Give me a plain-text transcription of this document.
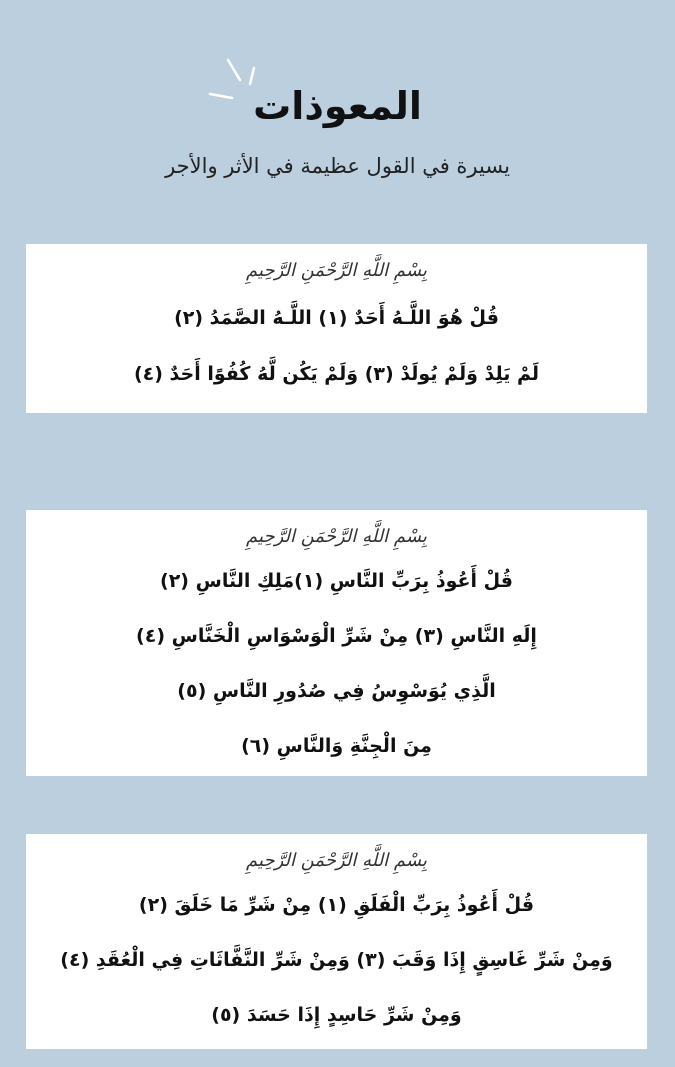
المعوذات
يسيرة في القول عظيمة في الأثر والأجر
بِسْمِ اللَّهِ الرَّحْمَنِ الرَّحِيمِ
قُلْ هُوَ اللَّـهُ أَحَدٌ (١) اللَّـهُ الصَّمَدُ (٢)
لَمْ يَلِدْ وَلَمْ يُولَدْ (٣) وَلَمْ يَكُن لَّهُ كُفُوًا أَحَدٌ (٤)
بِسْمِ اللَّهِ الرَّحْمَنِ الرَّحِيمِ
قُلْ أَعُوذُ بِرَبِّ النَّاسِ (١)مَلِكِ النَّاسِ (٢)
إِلَهِ النَّاسِ (٣) مِنْ شَرِّ الْوَسْوَاسِ الْخَنَّاسِ (٤)
الَّذِي يُوَسْوِسُ فِي صُدُورِ النَّاسِ (٥)
مِنَ الْجِنَّةِ وَالنَّاسِ (٦)
بِسْمِ اللَّهِ الرَّحْمَنِ الرَّحِيمِ
قُلْ أَعُوذُ بِرَبِّ الْفَلَقِ (١) مِنْ شَرِّ مَا خَلَقَ (٢)
وَمِنْ شَرِّ غَاسِقٍ إِذَا وَقَبَ (٣) وَمِنْ شَرِّ النَّفَّاثَاتِ فِي الْعُقَدِ (٤)
وَمِنْ شَرِّ حَاسِدٍ إِذَا حَسَدَ (٥)
